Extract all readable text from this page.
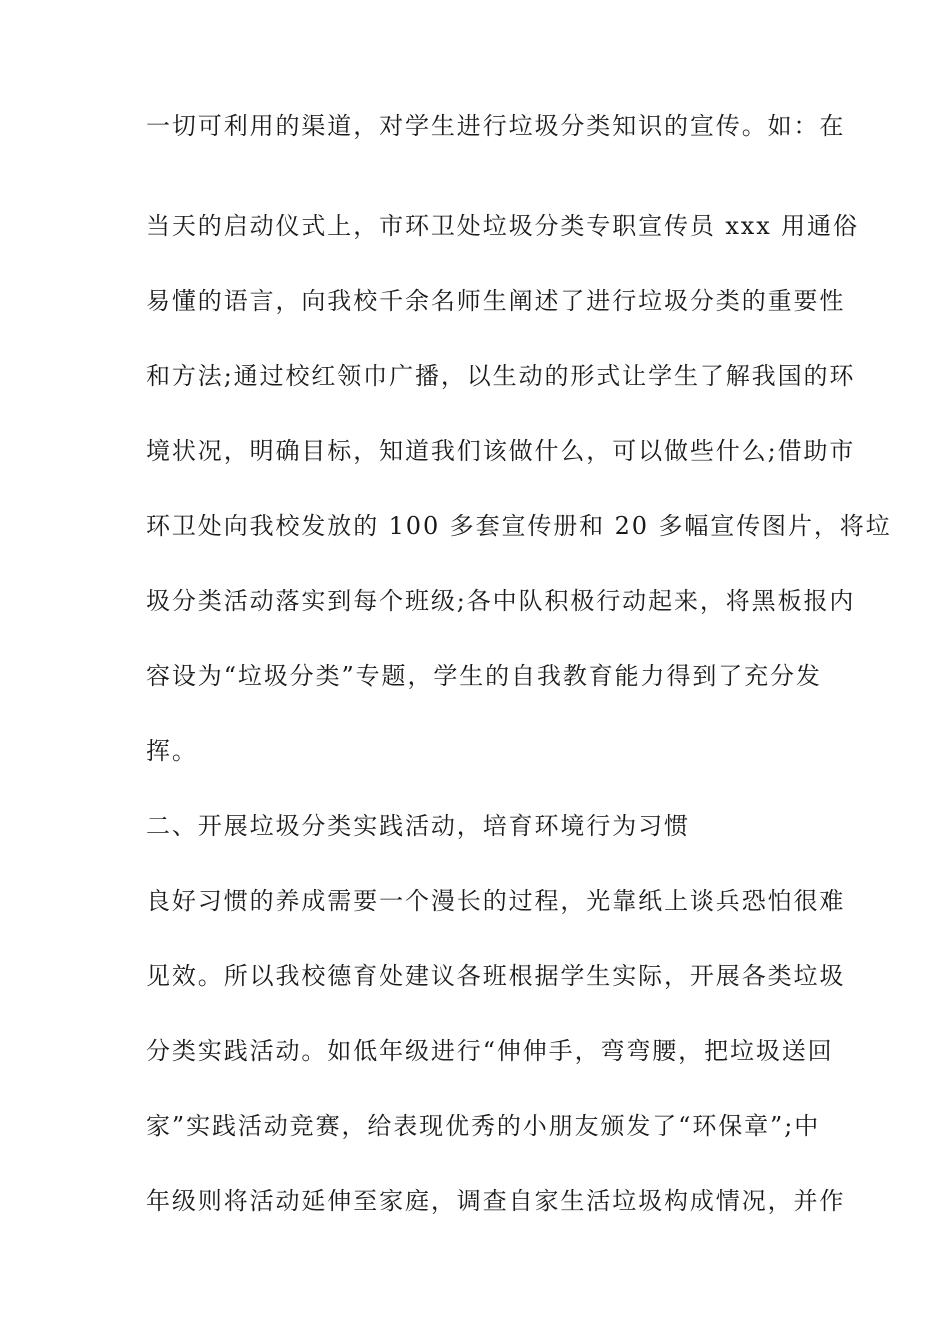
一切可利用的渠道，对学生进行垃圾分类知识的宣传。如：在
当天的启动仪式上，市环卫处垃圾分类专职宣传员 xxx 用通俗
易懂的语言，向我校千余名师生阐述了进行垃圾分类的重要性
和方法;通过校红领巾广播，以生动的形式让学生了解我国的环
境状况，明确目标，知道我们该做什么，可以做些什么;借助市
环卫处向我校发放的 100 多套宣传册和 20 多幅宣传图片，将垃
圾分类活动落实到每个班级;各中队积极行动起来，将黑板报内
容设为“垃圾分类”专题，学生的自我教育能力得到了充分发
挥。
二、开展垃圾分类实践活动，培育环境行为习惯
良好习惯的养成需要一个漫长的过程，光靠纸上谈兵恐怕很难
见效。所以我校德育处建议各班根据学生实际，开展各类垃圾
分类实践活动。如低年级进行“伸伸手，弯弯腰，把垃圾送回
家”实践活动竞赛，给表现优秀的小朋友颁发了“环保章”;中
年级则将活动延伸至家庭，调查自家生活垃圾构成情况，并作
